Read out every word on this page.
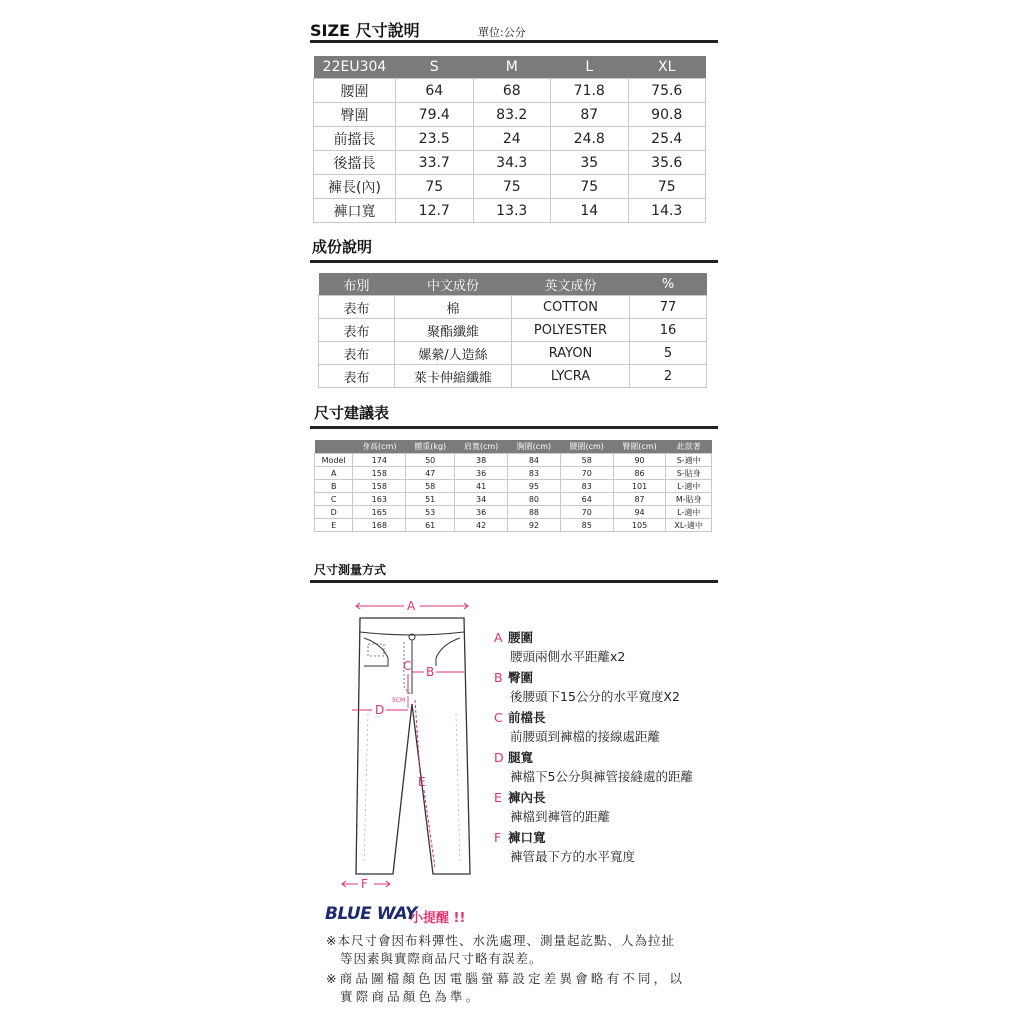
SIZE 尺寸說明	單位:公分
22EU304	S	M	L	XL
腰圍	64	68	71.8	75.6
臀圍	79.4	83.2	87	90.8
前擋長	23.5	24	24.8	25.4
後擋長	33.7	34.3	35	35.6
褲長(內)	75	75	75	75
褲口寬	12.7	13.3	14	14.3
成份說明
布別	中文成份	英文成份	%
表布	棉	COTTON	77
表布	聚酯纖維	POLYESTER	16
表布	嫘縈/人造絲	RAYON	5
表布	萊卡伸縮纖維	LYCRA	2
尺寸建議表
	身高(cm)	體重(kg)	肩寬(cm)	胸圍(cm)	腰圍(cm)	臀圍(cm)	此款著
Model	174	50	38	84	58	90	S-適中
A	158	47	36	83	70	86	S-貼身
B	158	58	41	95	83	101	L-適中
C	163	51	34	80	64	87	M-貼身
D	165	53	36	88	70	94	L-適中
E	168	61	42	92	85	105	XL-適中
尺寸測量方式
A
B
C
D
5CM
E
F
A 腰圍
腰頭兩側水平距離x2
B 臀圍
後腰頭下15公分的水平寬度X2
C 前檔長
前腰頭到褲檔的接線處距離
D 腿寬
褲檔下5公分與褲管接縫處的距離
E 褲內長
褲檔到褲管的距離
F 褲口寬
褲管最下方的水平寬度
BLUE WAY
小提醒 !!
※本尺寸會因布料彈性、水洗處理、測量起訖點、人為拉扯
等因素與實際商品尺寸略有誤差。
※商品圖檔顏色因電腦螢幕設定差異會略有不同，以
實際商品顏色為準。
